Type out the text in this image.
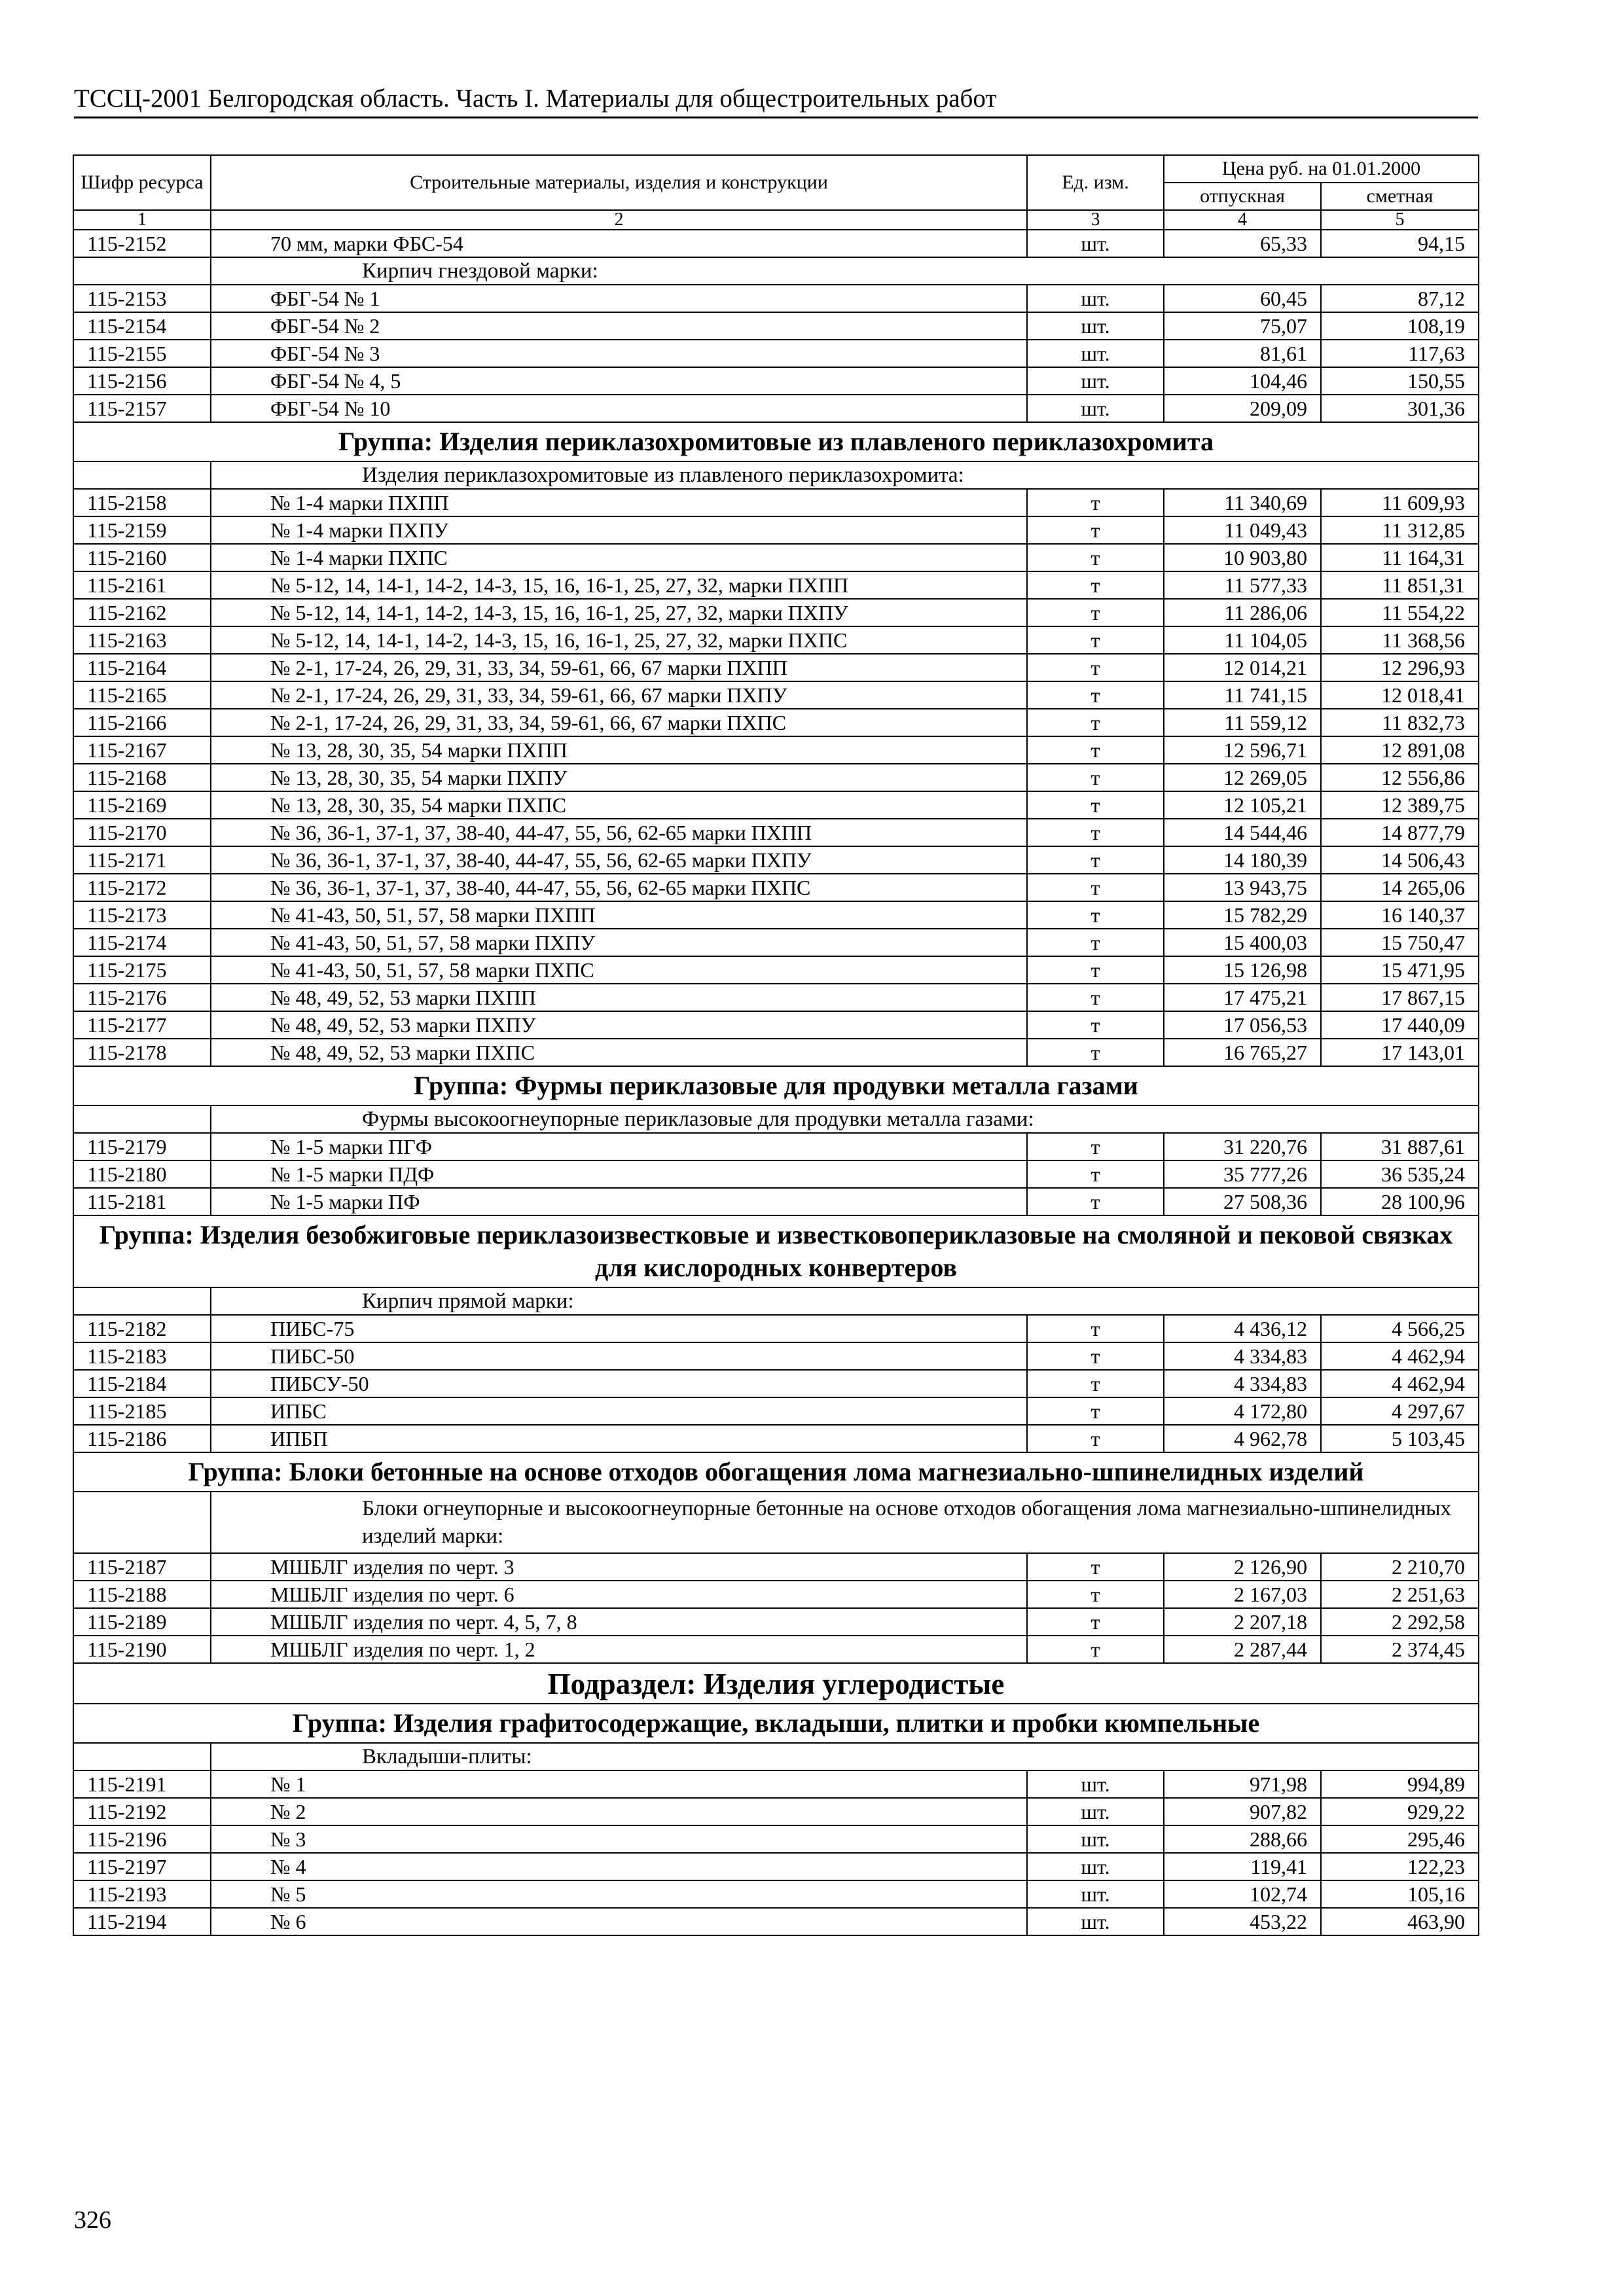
ТССЦ-2001 Белгородская область. Часть I. Материалы для общестроительных работ
Шифр ресурса	Строительные материалы, изделия и конструкции	Ед. изм.	Цена руб. на 01.01.2000	
			отпускная	сметная
1	2	3	4	5
115-2152	70 мм, марки ФБС-54	шт.	65,33	94,15
	Кирпич гнездовой марки:			
115-2153	ФБГ-54 № 1	шт.	60,45	87,12
115-2154	ФБГ-54 № 2	шт.	75,07	108,19
115-2155	ФБГ-54 № 3	шт.	81,61	117,63
115-2156	ФБГ-54 № 4, 5	шт.	104,46	150,55
115-2157	ФБГ-54 № 10	шт.	209,09	301,36
Группа: Изделия периклазохромитовые из плавленого периклазохромита				
	Изделия периклазохромитовые из плавленого периклазохромита:			
115-2158	№ 1-4 марки ПХПП	т	11 340,69	11 609,93
115-2159	№ 1-4 марки ПХПУ	т	11 049,43	11 312,85
115-2160	№ 1-4 марки ПХПС	т	10 903,80	11 164,31
115-2161	№ 5-12, 14, 14-1, 14-2, 14-3, 15, 16, 16-1, 25, 27, 32, марки ПХПП	т	11 577,33	11 851,31
115-2162	№ 5-12, 14, 14-1, 14-2, 14-3, 15, 16, 16-1, 25, 27, 32, марки ПХПУ	т	11 286,06	11 554,22
115-2163	№ 5-12, 14, 14-1, 14-2, 14-3, 15, 16, 16-1, 25, 27, 32, марки ПХПС	т	11 104,05	11 368,56
115-2164	№ 2-1, 17-24, 26, 29, 31, 33, 34, 59-61, 66, 67 марки ПХПП	т	12 014,21	12 296,93
115-2165	№ 2-1, 17-24, 26, 29, 31, 33, 34, 59-61, 66, 67 марки ПХПУ	т	11 741,15	12 018,41
115-2166	№ 2-1, 17-24, 26, 29, 31, 33, 34, 59-61, 66, 67 марки ПХПС	т	11 559,12	11 832,73
115-2167	№ 13, 28, 30, 35, 54 марки ПХПП	т	12 596,71	12 891,08
115-2168	№ 13, 28, 30, 35, 54 марки ПХПУ	т	12 269,05	12 556,86
115-2169	№ 13, 28, 30, 35, 54 марки ПХПС	т	12 105,21	12 389,75
115-2170	№ 36, 36-1, 37-1, 37, 38-40, 44-47, 55, 56, 62-65 марки ПХПП	т	14 544,46	14 877,79
115-2171	№ 36, 36-1, 37-1, 37, 38-40, 44-47, 55, 56, 62-65 марки ПХПУ	т	14 180,39	14 506,43
115-2172	№ 36, 36-1, 37-1, 37, 38-40, 44-47, 55, 56, 62-65 марки ПХПС	т	13 943,75	14 265,06
115-2173	№ 41-43, 50, 51, 57, 58 марки ПХПП	т	15 782,29	16 140,37
115-2174	№ 41-43, 50, 51, 57, 58 марки ПХПУ	т	15 400,03	15 750,47
115-2175	№ 41-43, 50, 51, 57, 58 марки ПХПС	т	15 126,98	15 471,95
115-2176	№ 48, 49, 52, 53 марки ПХПП	т	17 475,21	17 867,15
115-2177	№ 48, 49, 52, 53 марки ПХПУ	т	17 056,53	17 440,09
115-2178	№ 48, 49, 52, 53 марки ПХПС	т	16 765,27	17 143,01
Группа: Фурмы периклазовые для продувки металла газами				
	Фурмы высокоогнеупорные периклазовые для продувки металла газами:			
115-2179	№ 1-5 марки ПГФ	т	31 220,76	31 887,61
115-2180	№ 1-5 марки ПДФ	т	35 777,26	36 535,24
115-2181	№ 1-5 марки ПФ	т	27 508,36	28 100,96
Группа: Изделия безобжиговые периклазоизвестковые и известковопериклазовые на смоляной и пековой связках для кислородных конвертеров				
	Кирпич прямой марки:			
115-2182	ПИБС-75	т	4 436,12	4 566,25
115-2183	ПИБС-50	т	4 334,83	4 462,94
115-2184	ПИБСУ-50	т	4 334,83	4 462,94
115-2185	ИПБС	т	4 172,80	4 297,67
115-2186	ИПБП	т	4 962,78	5 103,45
Группа: Блоки бетонные на основе отходов обогащения лома магнезиально-шпинелидных изделий				
	Блоки огнеупорные и высокоогнеупорные бетонные на основе отходов обогащения лома магнезиально-шпинелидных изделий марки:			
115-2187	МШБЛГ изделия по черт. 3	т	2 126,90	2 210,70
115-2188	МШБЛГ изделия по черт. 6	т	2 167,03	2 251,63
115-2189	МШБЛГ изделия по черт. 4, 5, 7, 8	т	2 207,18	2 292,58
115-2190	МШБЛГ изделия по черт. 1, 2	т	2 287,44	2 374,45
Подраздел: Изделия углеродистые				
Группа: Изделия графитосодержащие, вкладыши, плитки и пробки кюмпельные				
	Вкладыши-плиты:			
115-2191	№ 1	шт.	971,98	994,89
115-2192	№ 2	шт.	907,82	929,22
115-2196	№ 3	шт.	288,66	295,46
115-2197	№ 4	шт.	119,41	122,23
115-2193	№ 5	шт.	102,74	105,16
115-2194	№ 6	шт.	453,22	463,90
326
